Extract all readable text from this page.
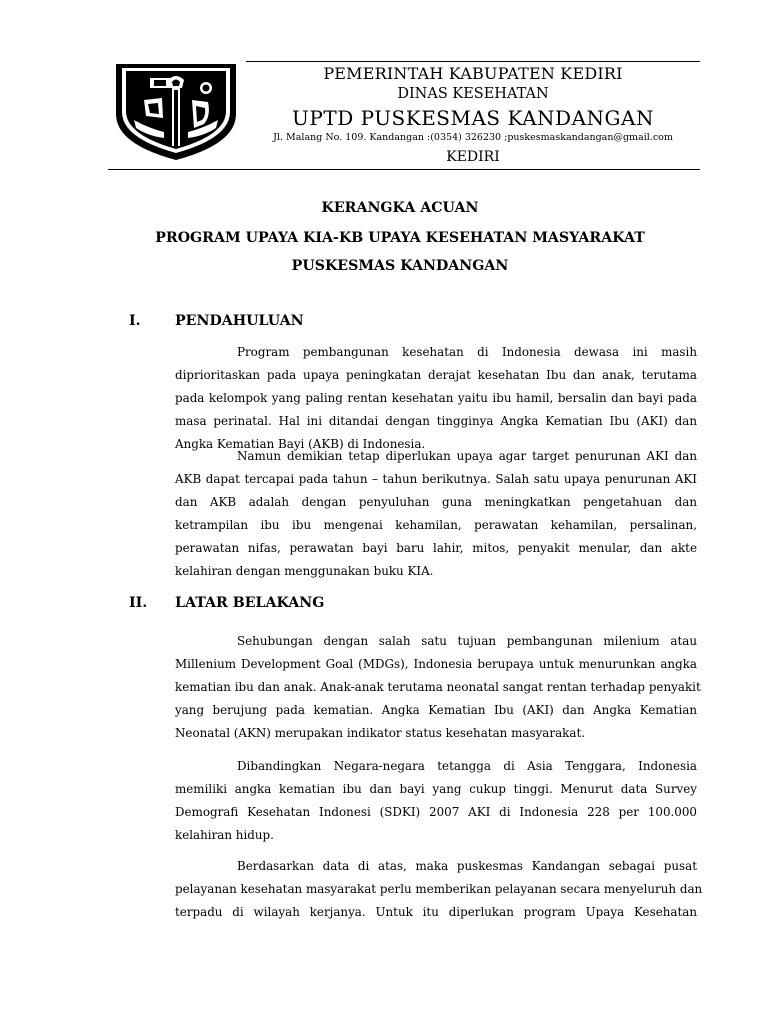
PEMERINTAH KABUPATEN KEDIRI
DINAS KESEHATAN
UPTD PUSKESMAS KANDANGAN
Jl. Malang No. 109. Kandangan :(0354) 326230 ;puskesmaskandangan@gmail.com
KEDIRI
KERANGKA ACUAN
PROGRAM UPAYA KIA-KB UPAYA KESEHATAN MASYARAKAT
PUSKESMAS KANDANGAN
I. PENDAHULUAN
Program pembangunan kesehatan di Indonesia dewasa ini masih
diprioritaskan pada upaya peningkatan derajat kesehatan Ibu dan anak, terutama
pada kelompok yang paling rentan kesehatan yaitu ibu hamil, bersalin dan bayi pada
masa perinatal. Hal ini ditandai dengan tingginya Angka Kematian Ibu (AKI) dan
Angka Kematian Bayi (AKB) di Indonesia.
Namun demikian tetap diperlukan upaya agar target penurunan AKI dan
AKB dapat tercapai pada tahun – tahun berikutnya. Salah satu upaya penurunan AKI
dan AKB adalah dengan penyuluhan guna meningkatkan pengetahuan dan
ketrampilan ibu ibu mengenai kehamilan, perawatan kehamilan, persalinan,
perawatan nifas, perawatan bayi baru lahir, mitos, penyakit menular, dan akte
kelahiran dengan menggunakan buku KIA.
II. LATAR BELAKANG
Sehubungan dengan salah satu tujuan pembangunan milenium atau
Millenium Development Goal (MDGs), Indonesia berupaya untuk menurunkan angka
kematian ibu dan anak. Anak-anak terutama neonatal sangat rentan terhadap penyakit
yang berujung pada kematian. Angka Kematian Ibu (AKI) dan Angka Kematian
Neonatal (AKN) merupakan indikator status kesehatan masyarakat.
Dibandingkan Negara-negara tetangga di Asia Tenggara, Indonesia
memiliki angka kematian ibu dan bayi yang cukup tinggi. Menurut data Survey
Demografi Kesehatan Indonesi (SDKI) 2007 AKI di Indonesia 228 per 100.000
kelahiran hidup.
Berdasarkan data di atas, maka puskesmas Kandangan sebagai pusat
pelayanan kesehatan masyarakat perlu memberikan pelayanan secara menyeluruh dan
terpadu di wilayah kerjanya. Untuk itu diperlukan program Upaya Kesehatan
